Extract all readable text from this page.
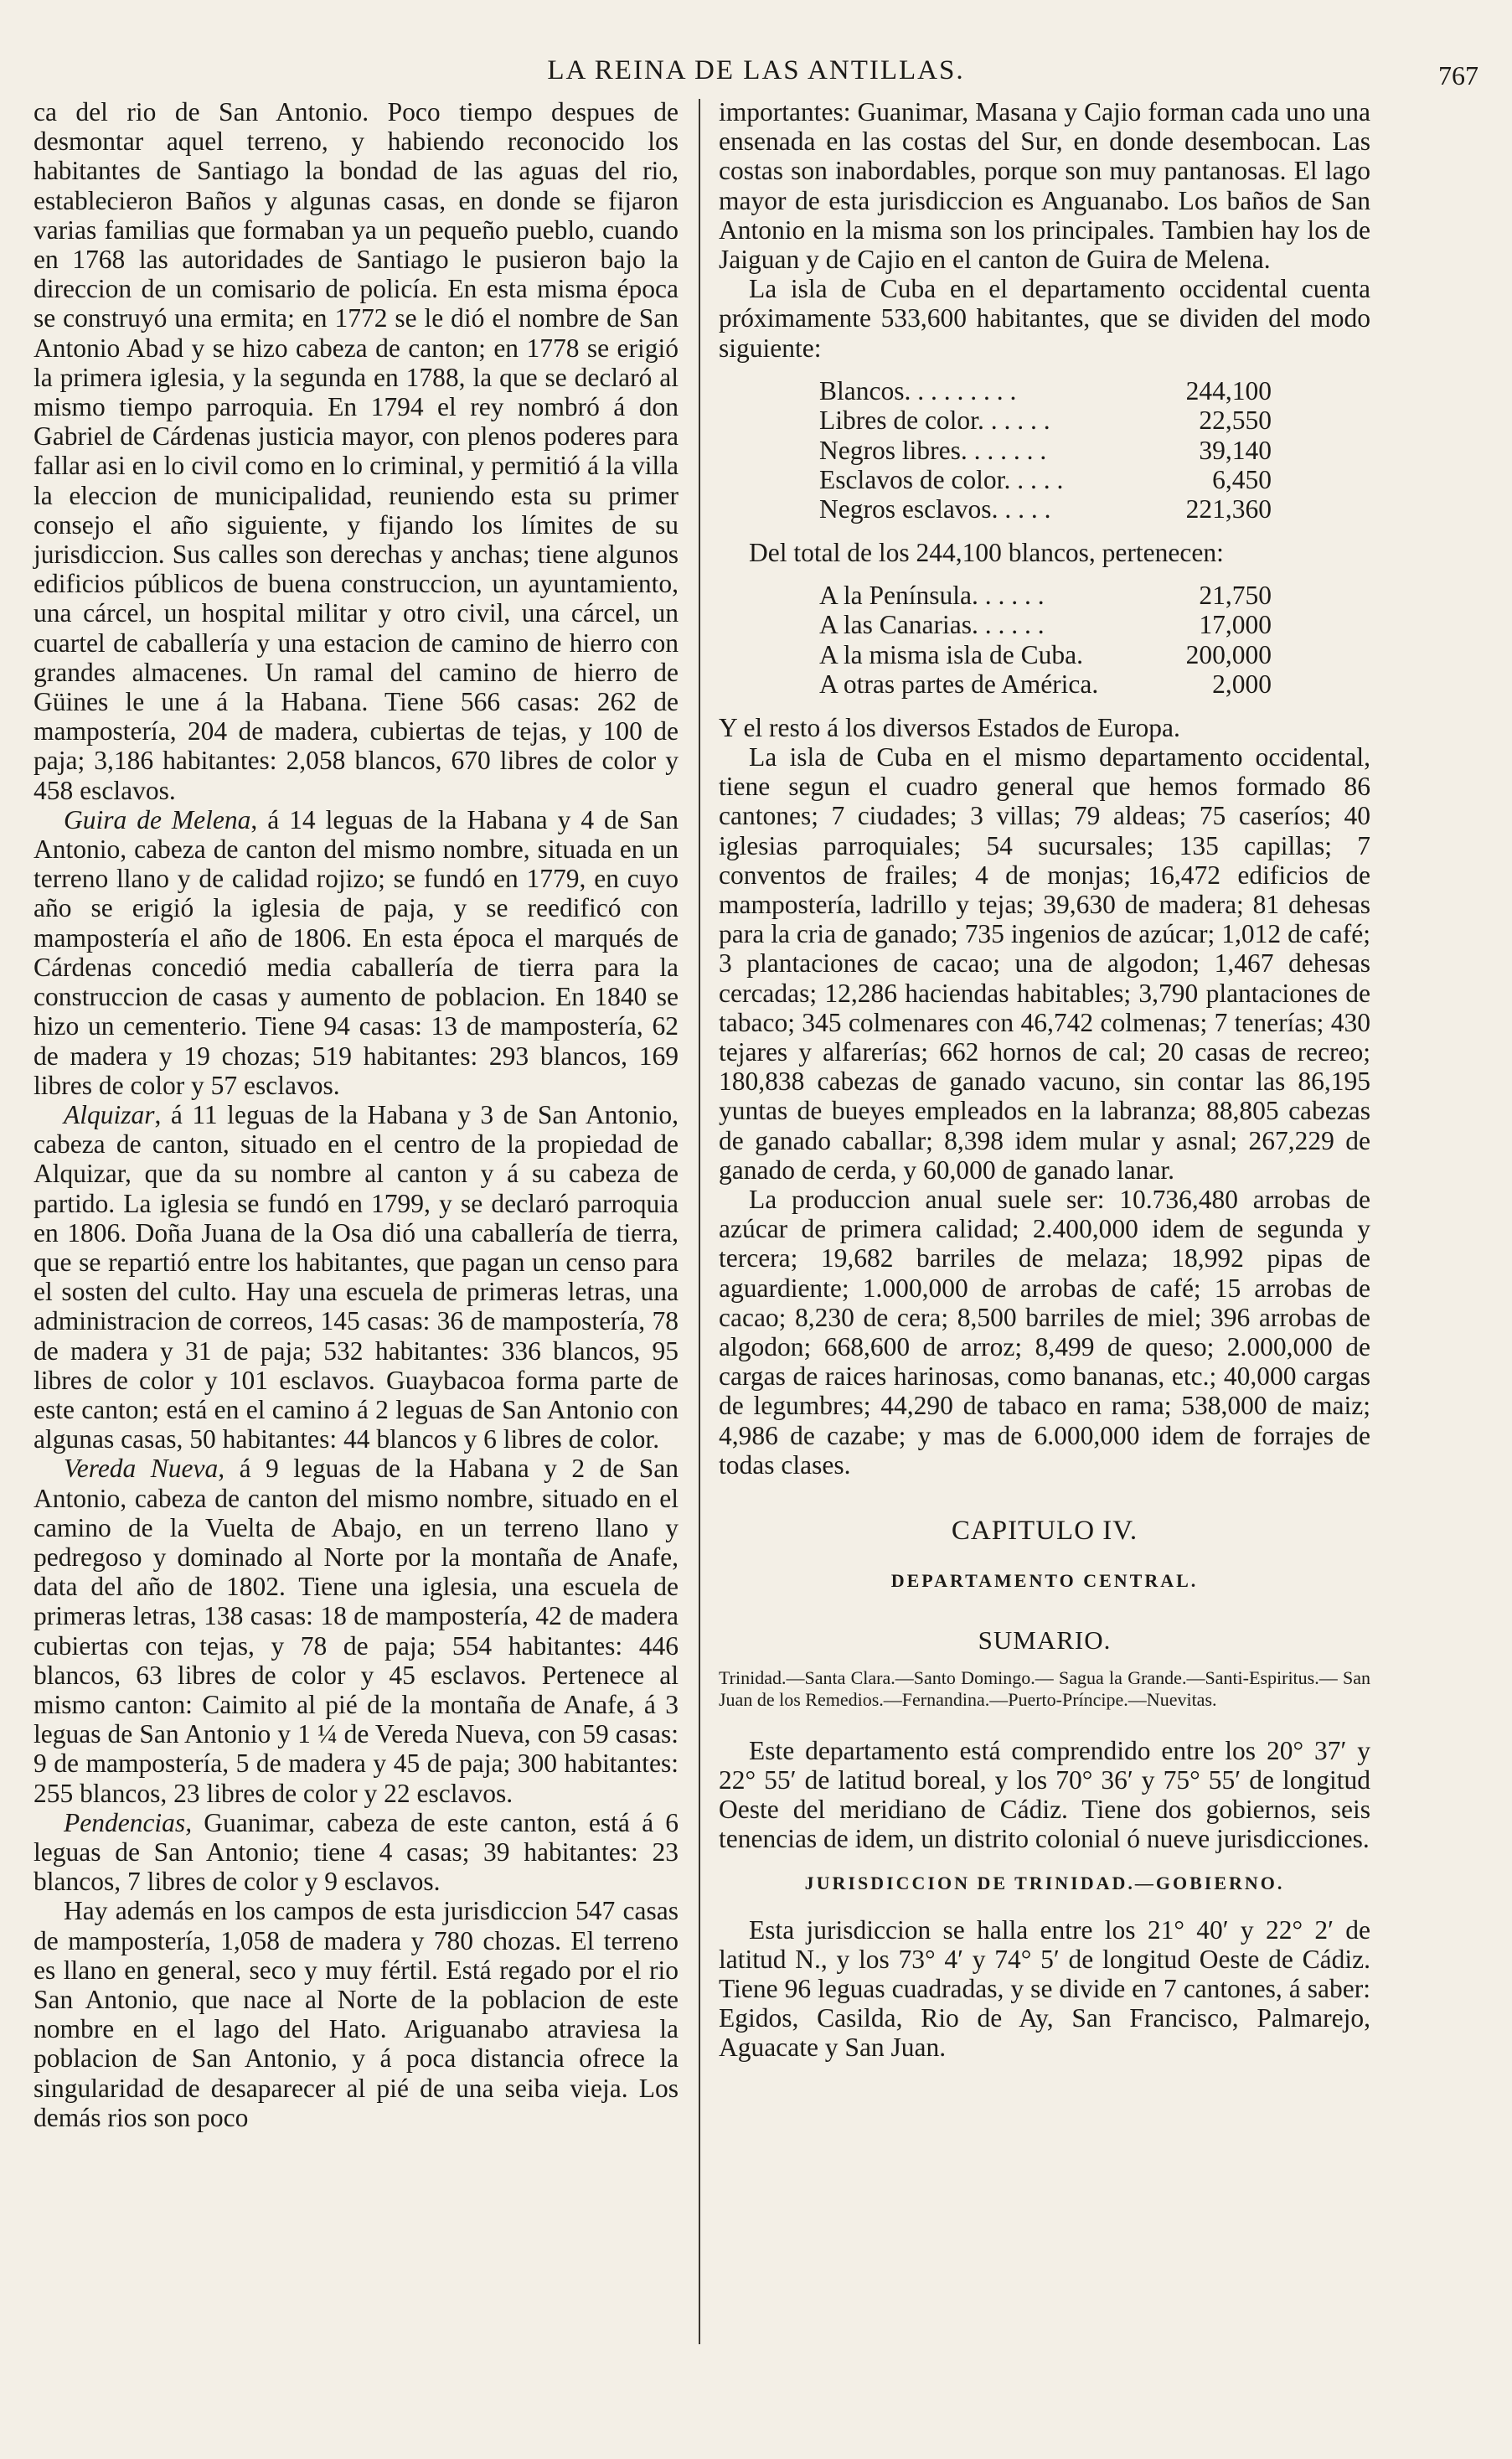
LA REINA DE LAS ANTILLAS.	767

ca del rio de San Antonio. Poco tiempo despues de desmontar aquel terreno, y habiendo reconocido los habitantes de Santiago la bondad de las aguas del rio, establecieron Baños y algunas casas, en donde se fijaron varias familias que formaban ya un pequeño pueblo, cuando en 1768 las autoridades de Santiago le pusieron bajo la direccion de un comisario de policía. En esta misma época se construyó una ermita; en 1772 se le dió el nombre de San Antonio Abad y se hizo cabeza de canton; en 1778 se erigió la primera iglesia, y la segunda en 1788, la que se declaró al mismo tiempo parroquia. En 1794 el rey nombró á don Gabriel de Cárdenas justicia mayor, con plenos poderes para fallar asi en lo civil como en lo criminal, y permitió á la villa la eleccion de municipalidad, reuniendo esta su primer consejo el año siguiente, y fijando los límites de su jurisdiccion. Sus calles son derechas y anchas; tiene algunos edificios públicos de buena construccion, un ayuntamiento, una cárcel, un hospital militar y otro civil, una cárcel, un cuartel de caballería y una estacion de camino de hierro con grandes almacenes. Un ramal del camino de hierro de Güines le une á la Habana. Tiene 566 casas: 262 de mampostería, 204 de madera, cubiertas de tejas, y 100 de paja; 3,186 habitantes: 2,058 blancos, 670 libres de color y 458 esclavos.

Guira de Melena, á 14 leguas de la Habana y 4 de San Antonio, cabeza de canton del mismo nombre, situada en un terreno llano y de calidad rojizo; se fundó en 1779, en cuyo año se erigió la iglesia de paja, y se reedificó con mampostería el año de 1806. En esta época el marqués de Cárdenas concedió media caballería de tierra para la construccion de casas y aumento de poblacion. En 1840 se hizo un cementerio. Tiene 94 casas: 13 de mampostería, 62 de madera y 19 chozas; 519 habitantes: 293 blancos, 169 libres de color y 57 esclavos.

Alquizar, á 11 leguas de la Habana y 3 de San Antonio, cabeza de canton, situado en el centro de la propiedad de Alquizar, que da su nombre al canton y á su cabeza de partido. La iglesia se fundó en 1799, y se declaró parroquia en 1806. Doña Juana de la Osa dió una caballería de tierra, que se repartió entre los habitantes, que pagan un censo para el sosten del culto. Hay una escuela de primeras letras, una administracion de correos, 145 casas: 36 de mampostería, 78 de madera y 31 de paja; 532 habitantes: 336 blancos, 95 libres de color y 101 esclavos. Guaybacoa forma parte de este canton; está en el camino á 2 leguas de San Antonio con algunas casas, 50 habitantes: 44 blancos y 6 libres de color.

Vereda Nueva, á 9 leguas de la Habana y 2 de San Antonio, cabeza de canton del mismo nombre, situado en el camino de la Vuelta de Abajo, en un terreno llano y pedregoso y dominado al Norte por la montaña de Anafe, data del año de 1802. Tiene una iglesia, una escuela de primeras letras, 138 casas: 18 de mampostería, 42 de madera cubiertas con tejas, y 78 de paja; 554 habitantes: 446 blancos, 63 libres de color y 45 esclavos. Pertenece al mismo canton: Caimito al pié de la montaña de Anafe, á 3 leguas de San Antonio y 1 ¼ de Vereda Nueva, con 59 casas: 9 de mampostería, 5 de madera y 45 de paja; 300 habitantes: 255 blancos, 23 libres de color y 22 esclavos.

Pendencias, Guanimar, cabeza de este canton, está á 6 leguas de San Antonio; tiene 4 casas; 39 habitantes: 23 blancos, 7 libres de color y 9 esclavos.

Hay además en los campos de esta jurisdiccion 547 casas de mampostería, 1,058 de madera y 780 chozas. El terreno es llano en general, seco y muy fértil. Está regado por el rio San Antonio, que nace al Norte de la poblacion de este nombre en el lago del Hato. Ariguanabo atraviesa la poblacion de San Antonio, y á poca distancia ofrece la singularidad de desaparecer al pié de una seiba vieja. Los demás rios son poco

importantes: Guanimar, Masana y Cajio forman cada uno una ensenada en las costas del Sur, en donde desembocan. Las costas son inabordables, porque son muy pantanosas. El lago mayor de esta jurisdiccion es Anguanabo. Los baños de San Antonio en la misma son los principales. Tambien hay los de Jaiguan y de Cajio en el canton de Guira de Melena.

La isla de Cuba en el departamento occidental cuenta próximamente 533,600 habitantes, que se dividen del modo siguiente:

Blancos. . . . . . . . .	244,100
Libres de color. . . . . .	22,550
Negros libres. . . . . . .	39,140
Esclavos de color. . . . .	6,450
Negros esclavos. . . . .	221,360

Del total de los 244,100 blancos, pertenecen:

A la Península. . . . . .	21,750
A las Canarias. . . . . .	17,000
A la misma isla de Cuba.	200,000
A otras partes de América.	2,000

Y el resto á los diversos Estados de Europa.

La isla de Cuba en el mismo departamento occidental, tiene segun el cuadro general que hemos formado 86 cantones; 7 ciudades; 3 villas; 79 aldeas; 75 caseríos; 40 iglesias parroquiales; 54 sucursales; 135 capillas; 7 conventos de frailes; 4 de monjas; 16,472 edificios de mampostería, ladrillo y tejas; 39,630 de madera; 81 dehesas para la cria de ganado; 735 ingenios de azúcar; 1,012 de café; 3 plantaciones de cacao; una de algodon; 1,467 dehesas cercadas; 12,286 haciendas habitables; 3,790 plantaciones de tabaco; 345 colmenares con 46,742 colmenas; 7 tenerías; 430 tejares y alfarerías; 662 hornos de cal; 20 casas de recreo; 180,838 cabezas de ganado vacuno, sin contar las 86,195 yuntas de bueyes empleados en la labranza; 88,805 cabezas de ganado caballar; 8,398 idem mular y asnal; 267,229 de ganado de cerda, y 60,000 de ganado lanar.

La produccion anual suele ser: 10.736,480 arrobas de azúcar de primera calidad; 2.400,000 idem de segunda y tercera; 19,682 barriles de melaza; 18,992 pipas de aguardiente; 1.000,000 de arrobas de café; 15 arrobas de cacao; 8,230 de cera; 8,500 barriles de miel; 396 arrobas de algodon; 668,600 de arroz; 8,499 de queso; 2.000,000 de cargas de raices harinosas, como bananas, etc.; 40,000 cargas de legumbres; 44,290 de tabaco en rama; 538,000 de maiz; 4,986 de cazabe; y mas de 6.000,000 idem de forrajes de todas clases.

CAPITULO IV.
DEPARTAMENTO CENTRAL.
SUMARIO.
Trinidad.—Santa Clara.—Santo Domingo.— Sagua la Grande.—Santi-Espiritus.— San Juan de los Remedios.—Fernandina.—Puerto-Príncipe.—Nuevitas.

Este departamento está comprendido entre los 20° 37′ y 22° 55′ de latitud boreal, y los 70° 36′ y 75° 55′ de longitud Oeste del meridiano de Cádiz. Tiene dos gobiernos, seis tenencias de idem, un distrito colonial ó nueve jurisdicciones.

JURISDICCION DE TRINIDAD.—GOBIERNO.

Esta jurisdiccion se halla entre los 21° 40′ y 22° 2′ de latitud N., y los 73° 4′ y 74° 5′ de longitud Oeste de Cádiz. Tiene 96 leguas cuadradas, y se divide en 7 cantones, á saber: Egidos, Casilda, Rio de Ay, San Francisco, Palmarejo, Aguacate y San Juan.
